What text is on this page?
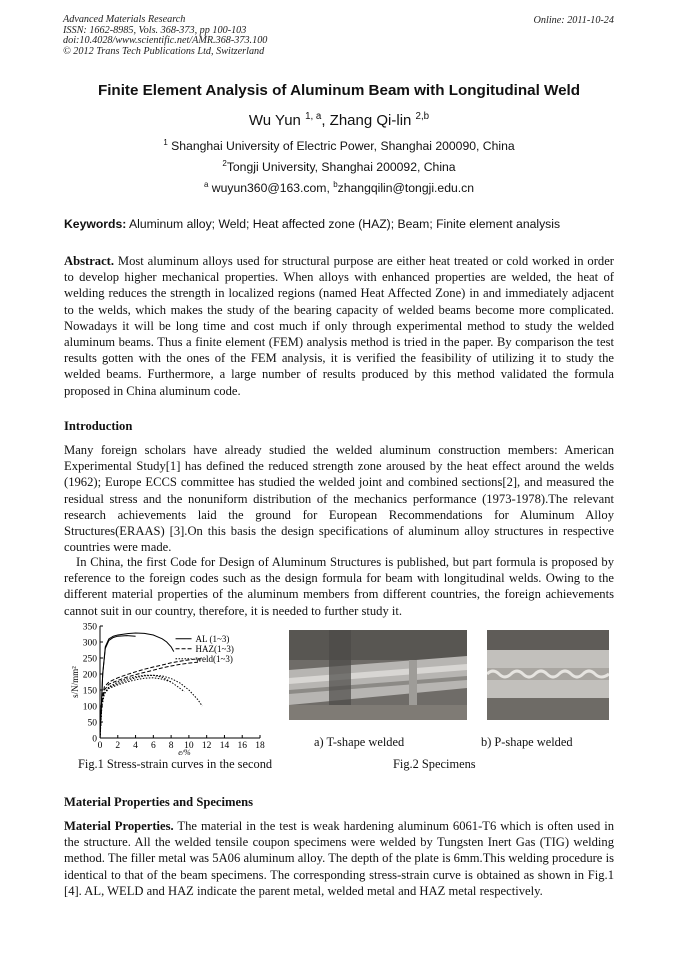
Advanced Materials Research
ISSN: 1662-8985, Vols. 368-373, pp 100-103
doi:10.4028/www.scientific.net/AMR.368-373.100
© 2012 Trans Tech Publications Ltd, Switzerland
Online: 2011-10-24
Finite Element Analysis of Aluminum Beam with Longitudinal Weld
Wu Yun $^{1, a}$, Zhang Qi-lin $^{2,b}$
$^1$ Shanghai University of Electric Power, Shanghai 200090, China
$^2$Tongji University, Shanghai 200092, China
$^a$ wuyun360@163.com, $^b$zhangqilin@tongji.edu.cn
Keywords: Aluminum alloy; Weld; Heat affected zone (HAZ); Beam; Finite element analysis

Abstract. Most aluminum alloys used for structural purpose are either heat treated or cold worked in order to develop higher mechanical properties. When alloys with enhanced properties are welded, the heat of welding reduces the strength in localized regions (named Heat Affected Zone) in and immediately adjacent to the welds, which makes the study of the bearing capacity of welded beams become more complicated. Nowadays it will be long time and cost much if only through experimental method to study the welded aluminum beams. Thus a finite element (FEM) analysis method is tried in the paper. By comparison the test results gotten with the ones of the FEM analysis, it is verified the feasibility of utilizing it to study the welded beams. Furthermore, a large number of results produced by this method validated the formula proposed in China aluminum code.

Introduction

Many foreign scholars have already studied the welded aluminum construction members: American Experimental Study[1] has defined the reduced strength zone aroused by the heat effect around the welds (1962); Europe ECCS committee has studied the welded joint and combined sections[2], and measured the residual stress and the nonuniform distribution of the mechanics performance (1973-1978).The relevant research achievements laid the ground for European Recommendations for Aluminum Alloy Structures(ERAAS) [3].On this basis the design specifications of aluminum alloy structures in respective countries were made.

In China, the first Code for Design of Aluminum Structures is published, but part formula is proposed by reference to the foreign codes such as the design formula for beam with longitudinal welds. Owing to the different material properties of the aluminum members from different countries, the foreign achievements cannot suit in our country, therefore, it is needed to further study it.

0 2 4 6 8 10 12 14 16 18
0
50
100
150
200
250
300
350
e/%
s/N/mm²
AL (1~3)
HAZ(1~3)
weld(1~3)
a) T-shape welded	b) P-shape welded
Fig.1 Stress-strain curves in the second	Fig.2 Specimens
Material Properties and Specimens

Material Properties. The material in the test is weak hardening aluminum 6061-T6 which is often used in the structure. All the welded tensile coupon specimens were welded by Tungsten Inert Gas (TIG) welding method. The filler metal was 5A06 aluminum alloy. The depth of the plate is 6mm.This welding procedure is identical to that of the beam specimens. The corresponding stress-strain curve is obtained as shown in Fig.1 [4]. AL, WELD and HAZ indicate the parent metal, welded metal and HAZ metal respectively.
